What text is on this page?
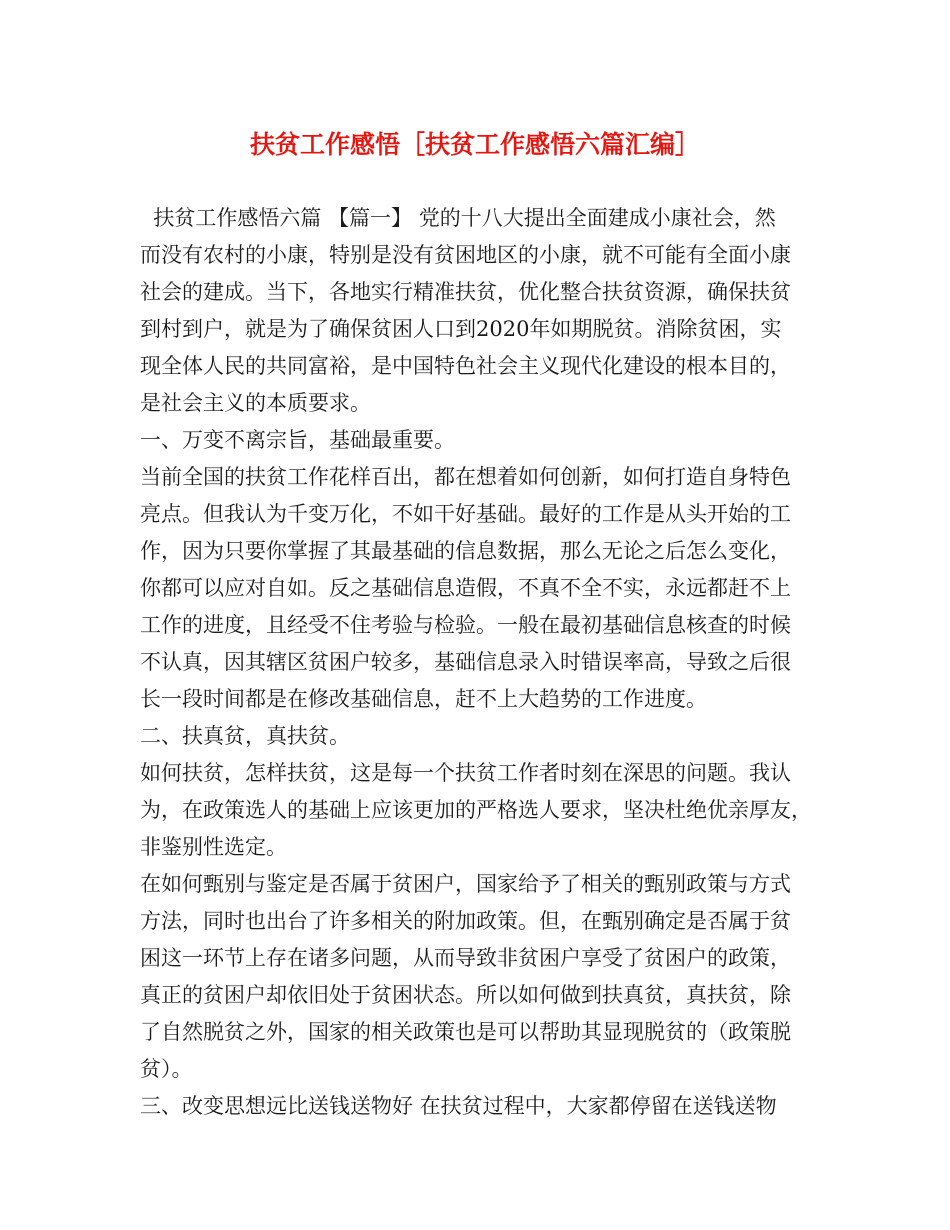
扶贫工作感悟［扶贫工作感悟六篇汇编］
扶贫工作感悟六篇 【篇一】 党的十八大提出全面建成小康社会，然
而没有农村的小康，特别是没有贫困地区的小康，就不可能有全面小康
社会的建成。当下，各地实行精准扶贫，优化整合扶贫资源，确保扶贫
到村到户，就是为了确保贫困人口到2020年如期脱贫。消除贫困，实
现全体人民的共同富裕，是中国特色社会主义现代化建设的根本目的，
是社会主义的本质要求。
一、万变不离宗旨，基础最重要。
当前全国的扶贫工作花样百出，都在想着如何创新，如何打造自身特色
亮点。但我认为千变万化，不如干好基础。最好的工作是从头开始的工
作，因为只要你掌握了其最基础的信息数据，那么无论之后怎么变化，
你都可以应对自如。反之基础信息造假，不真不全不实，永远都赶不上
工作的进度，且经受不住考验与检验。一般在最初基础信息核查的时候
不认真，因其辖区贫困户较多，基础信息录入时错误率高，导致之后很
长一段时间都是在修改基础信息，赶不上大趋势的工作进度。
二、扶真贫，真扶贫。
如何扶贫，怎样扶贫，这是每一个扶贫工作者时刻在深思的问题。我认
为，在政策选人的基础上应该更加的严格选人要求，坚决杜绝优亲厚友，
非鉴别性选定。
在如何甄别与鉴定是否属于贫困户，国家给予了相关的甄别政策与方式
方法，同时也出台了许多相关的附加政策。但，在甄别确定是否属于贫
困这一环节上存在诸多问题，从而导致非贫困户享受了贫困户的政策，
真正的贫困户却依旧处于贫困状态。所以如何做到扶真贫，真扶贫，除
了自然脱贫之外，国家的相关政策也是可以帮助其显现脱贫的（政策脱
贫）。
三、改变思想远比送钱送物好 在扶贫过程中，大家都停留在送钱送物
